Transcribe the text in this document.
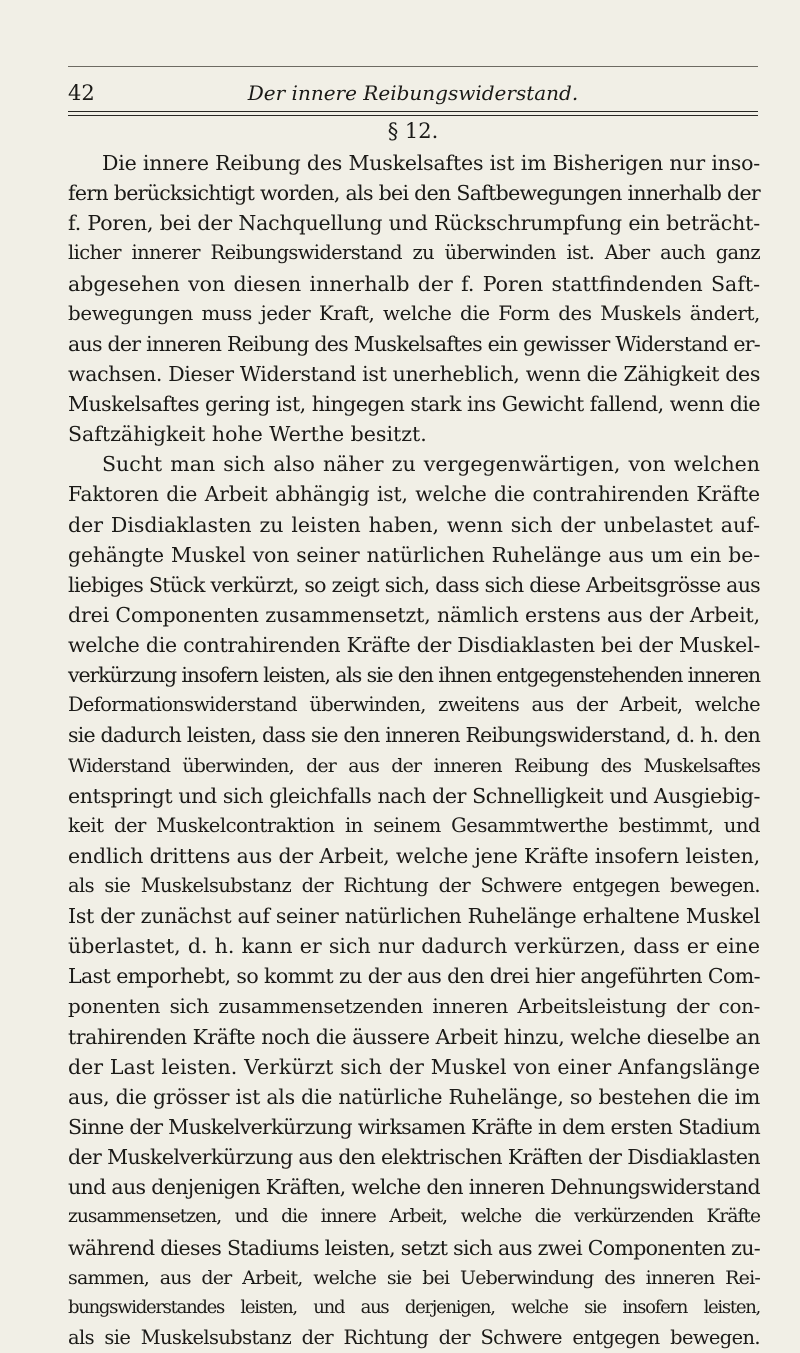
42	Der innere Reibungswiderstand.
§ 12.
Die innere Reibung des Muskelsaftes ist im Bisherigen nur inso-
fern berücksichtigt worden, als bei den Saftbewegungen innerhalb der
f. Poren, bei der Nachquellung und Rückschrumpfung ein beträcht-
licher innerer Reibungswiderstand zu überwinden ist. Aber auch ganz
abgesehen von diesen innerhalb der f. Poren stattfindenden Saft-
bewegungen muss jeder Kraft, welche die Form des Muskels ändert,
aus der inneren Reibung des Muskelsaftes ein gewisser Widerstand er-
wachsen. Dieser Widerstand ist unerheblich, wenn die Zähigkeit des
Muskelsaftes gering ist, hingegen stark ins Gewicht fallend, wenn die
Saftzähigkeit hohe Werthe besitzt.
Sucht man sich also näher zu vergegenwärtigen, von welchen
Faktoren die Arbeit abhängig ist, welche die contrahirenden Kräfte
der Disdiaklasten zu leisten haben, wenn sich der unbelastet auf-
gehängte Muskel von seiner natürlichen Ruhelänge aus um ein be-
liebiges Stück verkürzt, so zeigt sich, dass sich diese Arbeitsgrösse aus
drei Componenten zusammensetzt, nämlich erstens aus der Arbeit,
welche die contrahirenden Kräfte der Disdiaklasten bei der Muskel-
verkürzung insofern leisten, als sie den ihnen entgegenstehenden inneren
Deformationswiderstand überwinden, zweitens aus der Arbeit, welche
sie dadurch leisten, dass sie den inneren Reibungswiderstand, d. h. den
Widerstand überwinden, der aus der inneren Reibung des Muskelsaftes
entspringt und sich gleichfalls nach der Schnelligkeit und Ausgiebig-
keit der Muskelcontraktion in seinem Gesammtwerthe bestimmt, und
endlich drittens aus der Arbeit, welche jene Kräfte insofern leisten,
als sie Muskelsubstanz der Richtung der Schwere entgegen bewegen.
Ist der zunächst auf seiner natürlichen Ruhelänge erhaltene Muskel
überlastet, d. h. kann er sich nur dadurch verkürzen, dass er eine
Last emporhebt, so kommt zu der aus den drei hier angeführten Com-
ponenten sich zusammensetzenden inneren Arbeitsleistung der con-
trahirenden Kräfte noch die äussere Arbeit hinzu, welche dieselbe an
der Last leisten. Verkürzt sich der Muskel von einer Anfangslänge
aus, die grösser ist als die natürliche Ruhelänge, so bestehen die im
Sinne der Muskelverkürzung wirksamen Kräfte in dem ersten Stadium
der Muskelverkürzung aus den elektrischen Kräften der Disdiaklasten
und aus denjenigen Kräften, welche den inneren Dehnungswiderstand
zusammensetzen, und die innere Arbeit, welche die verkürzenden Kräfte
während dieses Stadiums leisten, setzt sich aus zwei Componenten zu-
sammen, aus der Arbeit, welche sie bei Ueberwindung des inneren Rei-
bungswiderstandes leisten, und aus derjenigen, welche sie insofern leisten,
als sie Muskelsubstanz der Richtung der Schwere entgegen bewegen.
